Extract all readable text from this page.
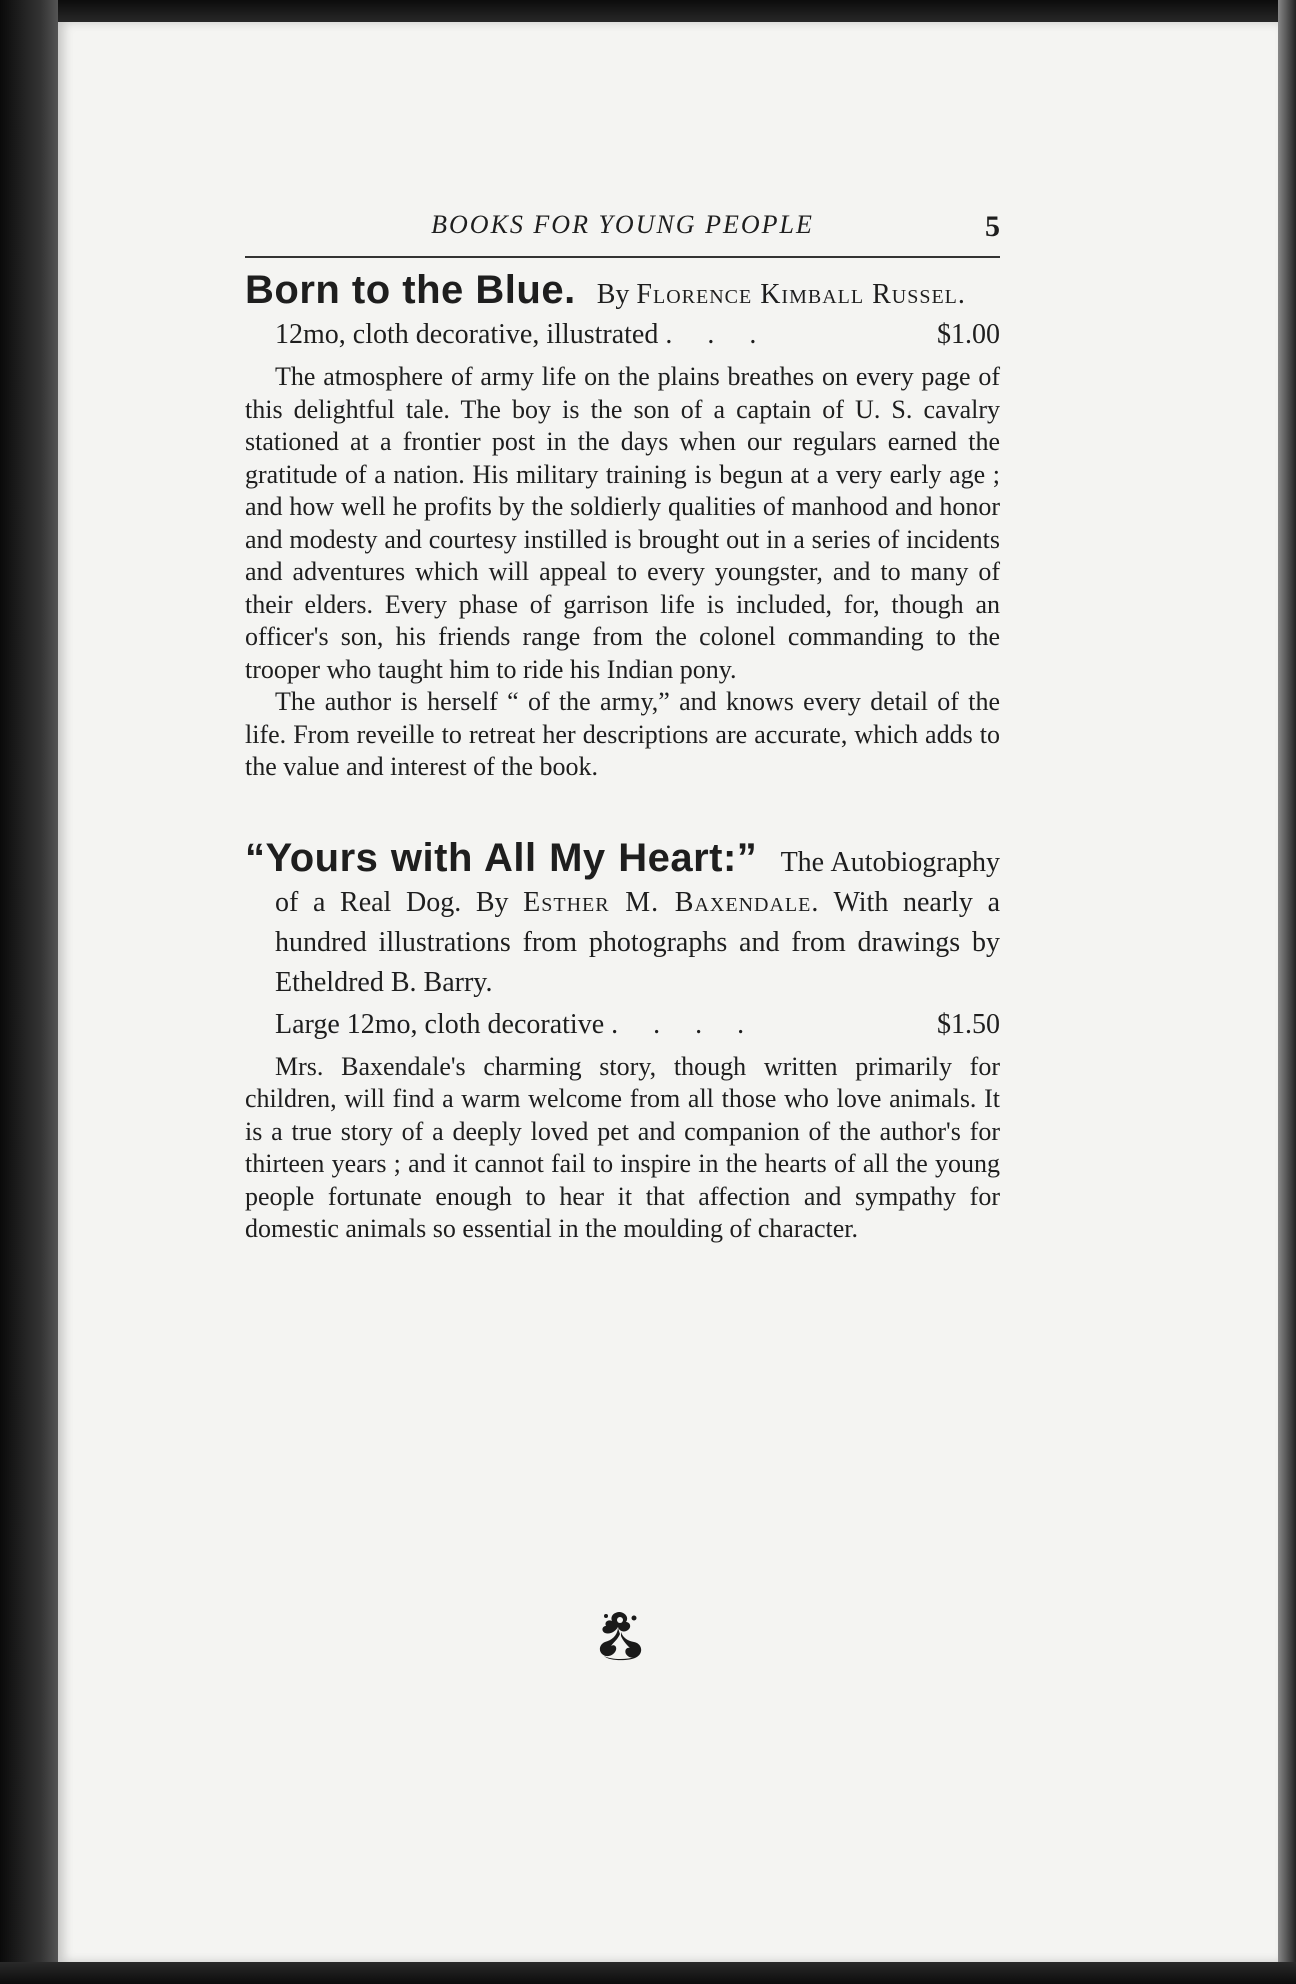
BOOKS FOR YOUNG PEOPLE	5

Born to the Blue. By Florence Kimball Russel.

12mo, cloth decorative, illustrated .     .     .	$1.00

The atmosphere of army life on the plains breathes on every page of this delightful tale. The boy is the son of a captain of U. S. cavalry stationed at a frontier post in the days when our regulars earned the gratitude of a nation. His military training is begun at a very early age ; and how well he profits by the soldierly qualities of manhood and honor and modesty and courtesy instilled is brought out in a series of incidents and adventures which will appeal to every youngster, and to many of their elders. Every phase of garrison life is included, for, though an officer's son, his friends range from the colonel commanding to the trooper who taught him to ride his Indian pony.

The author is herself “ of the army,” and knows every detail of the life. From reveille to retreat her descriptions are accurate, which adds to the value and interest of the book.

“Yours with All My Heart:” The Autobiography of a Real Dog. By Esther M. Baxendale. With nearly a hundred illustrations from photographs and from drawings by Etheldred B. Barry.

Large 12mo, cloth decorative .     .     .     .	$1.50

Mrs. Baxendale's charming story, though written primarily for children, will find a warm welcome from all those who love animals. It is a true story of a deeply loved pet and companion of the author's for thirteen years ; and it cannot fail to inspire in the hearts of all the young people fortunate enough to hear it that affection and sympathy for domestic animals so essential in the moulding of character.
